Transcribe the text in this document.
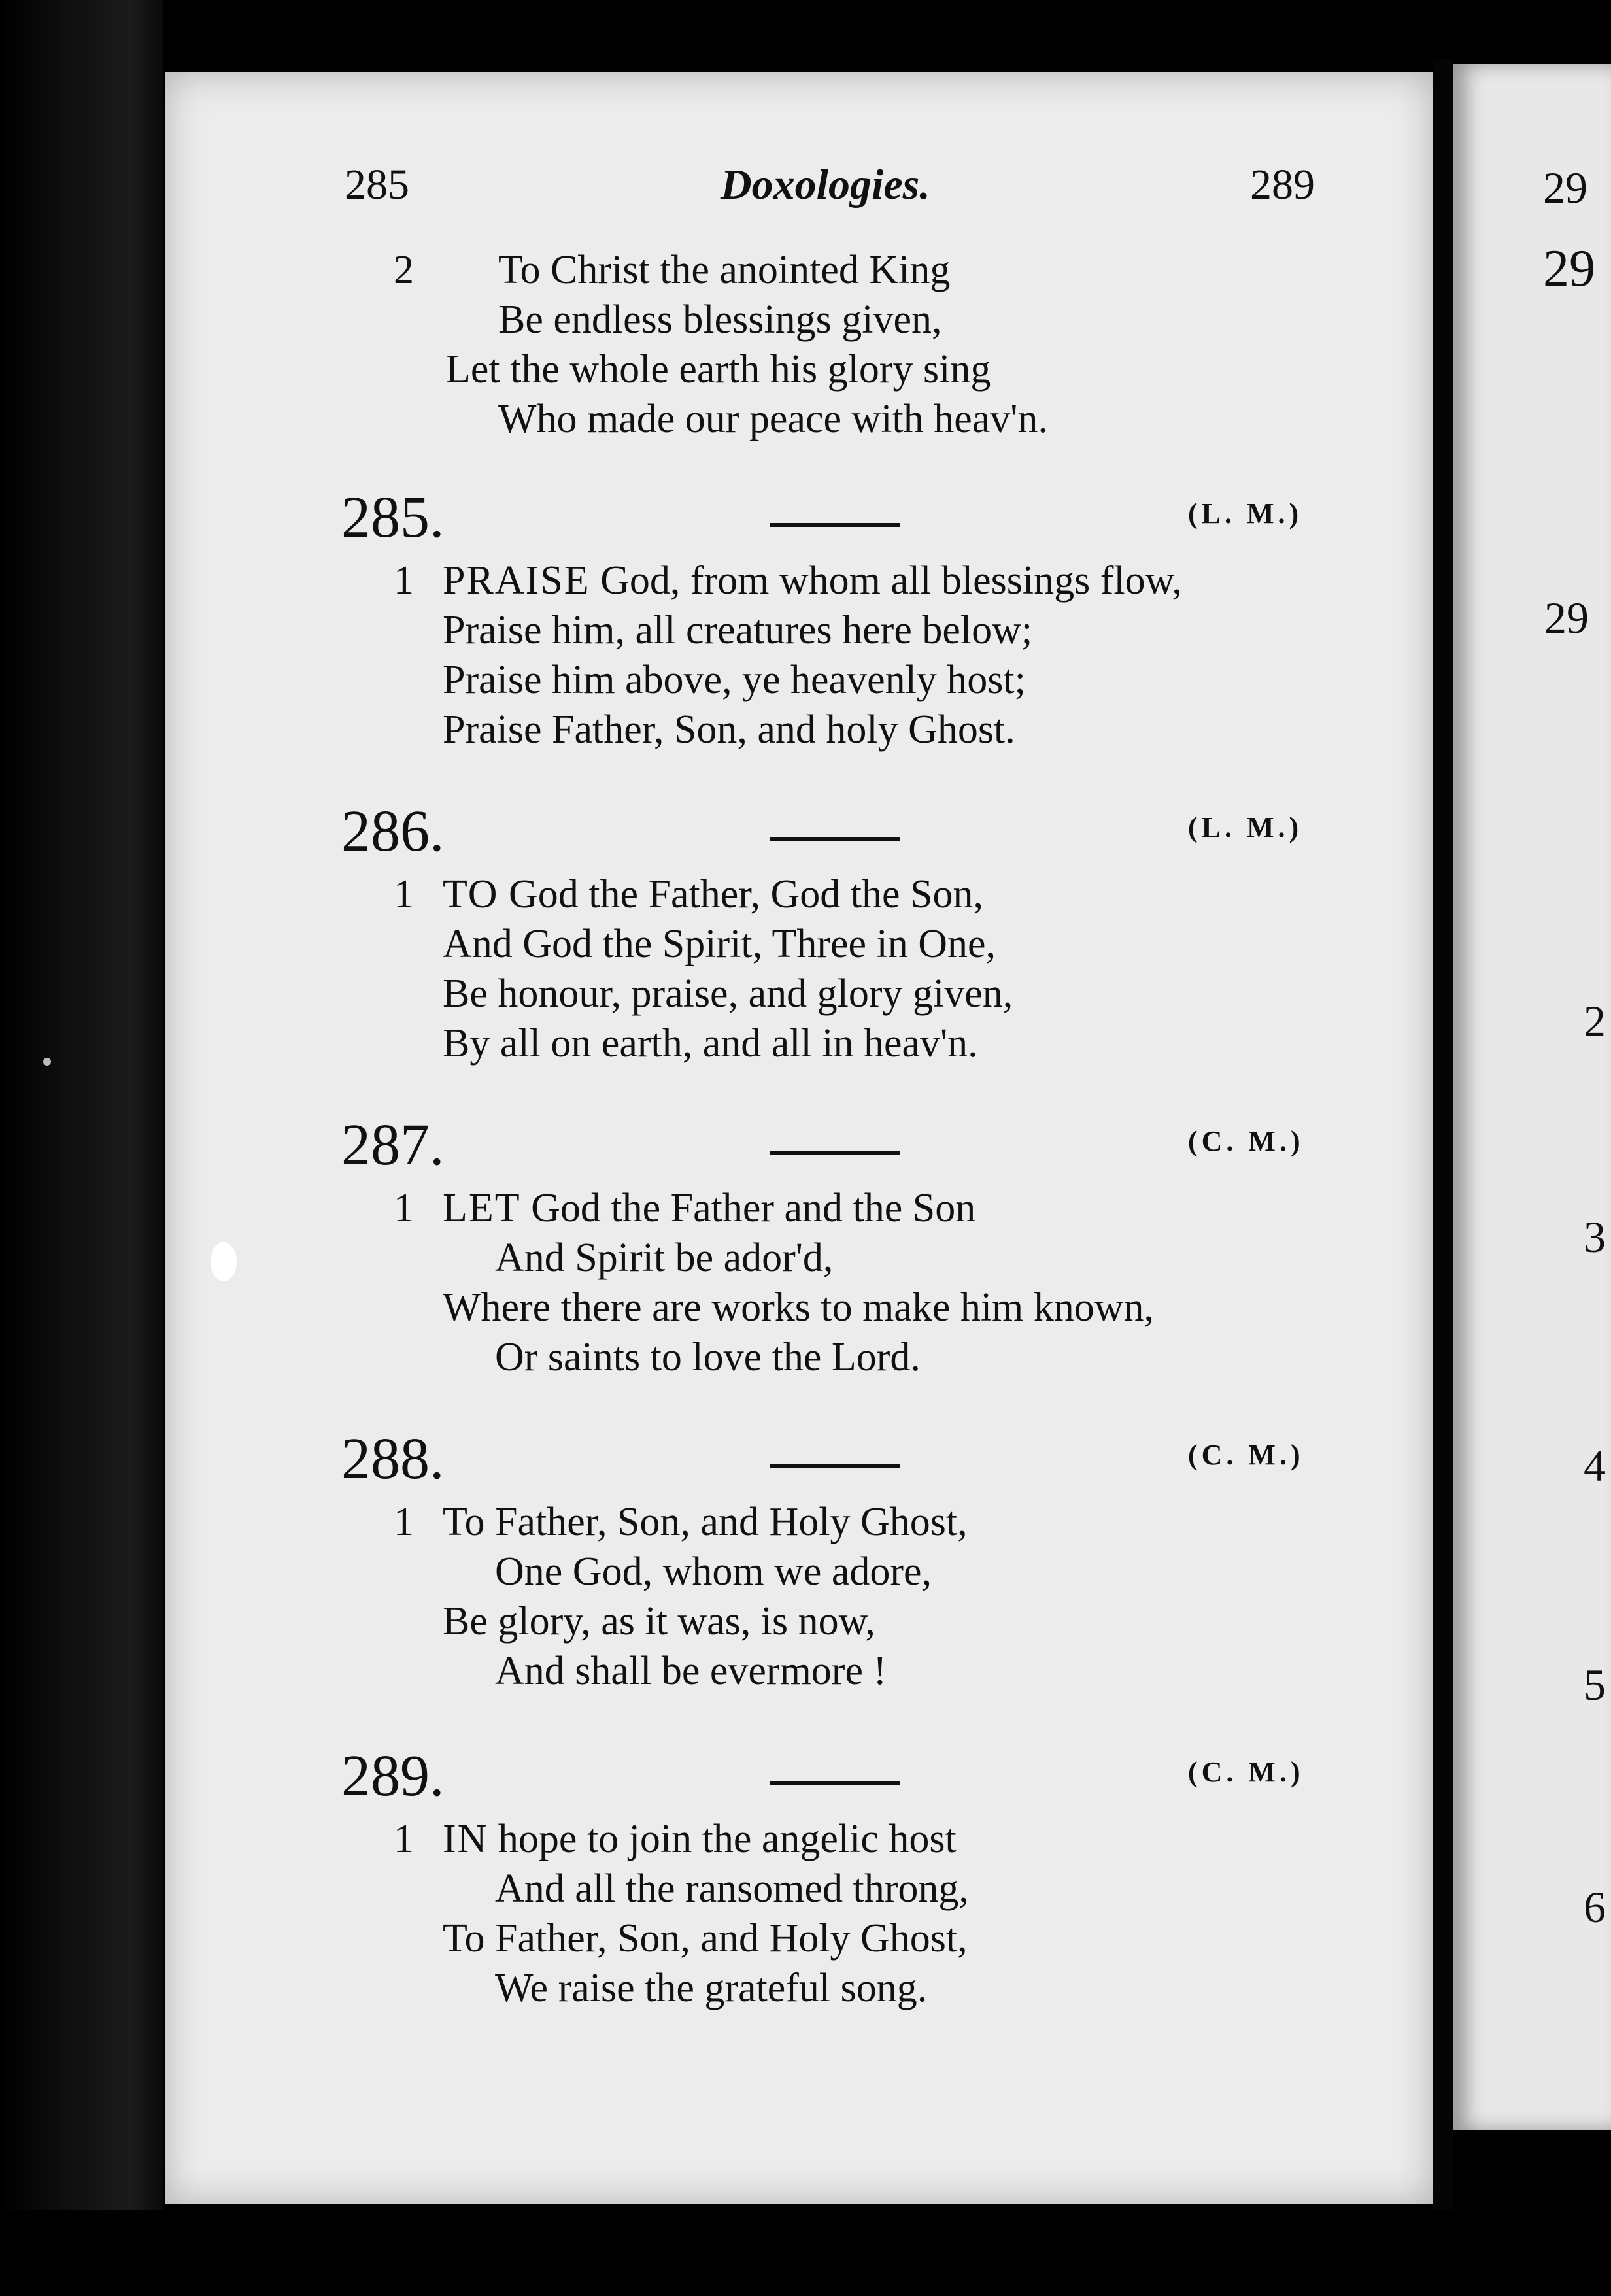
285	Doxologies.	289
2	To Christ the anointed King
Be endless blessings given,
Let the whole earth his glory sing
Who made our peace with heav'n.
285.	(L. M.)
1 PRAISE God, from whom all blessings flow,
Praise him, all creatures here below;
Praise him above, ye heavenly host;
Praise Father, Son, and holy Ghost.
286.	(L. M.)
1 TO God the Father, God the Son,
And God the Spirit, Three in One,
Be honour, praise, and glory given,
By all on earth, and all in heav'n.
287.	(C. M.)
1 LET God the Father and the Son
And Spirit be ador'd,
Where there are works to make him known,
Or saints to love the Lord.
288.	(C. M.)
1 To Father, Son, and Holy Ghost,
One God, whom we adore,
Be glory, as it was, is now,
And shall be evermore !
289.	(C. M.)
1 IN hope to join the angelic host
And all the ransomed throng,
To Father, Son, and Holy Ghost,
We raise the grateful song.
29
29
29
2
3
4
5
6
